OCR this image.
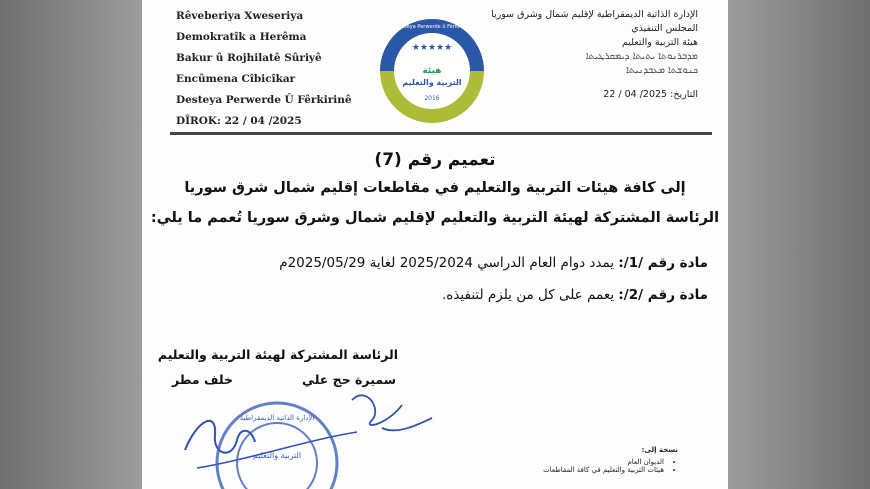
Rêveberiya Xweseriya Demokratîk a Herêma
Bakur û Rojhilatê Sûriyê
Encûmena Cîbicîkar
Desteya Perwerde Û Fêrkirinê
DÎROK: 22 / 04 /2025
★★★★★
هيئة
التربية والتعليم
2016
Desteya Perwerde û Fêrkirinê
الإدارة الذاتية الديمقراطية لإقليم شمال وشرق سوريا
المجلس التنفيذي
هيئة التربية والتعليم
ܡܕܒܪܢܘܬܐ ܝܬܝܬܐ ܕܝܡܩܪܛܝܬܐ
ܟܢܘܫܬܐ ܡܥܒܕܢܝܬܐ
التاريخ: 2025/ 04 / 22
تعميم رقم (7)
إلى كافة هيئات التربية والتعليم في مقاطعات إقليم شمال شرق سوريا
الرئاسة المشتركة لهيئة التربية والتعليم لإقليم شمال وشرق سوريا تُعمم ما يلي:
مادة رقم /1/: يمدد دوام العام الدراسي 2025/2024 لغاية 2025/05/29م
مادة رقم /2/: يعمم على كل من يلزم لتنفيذه.
الرئاسة المشتركة لهيئة التربية والتعليم
سميرة حج علي
خلف مطر
الإدارة الذاتية الديمقراطية
التربية والتعليم
نسخة إلى:
• الديوان العام
• هيئات التربية والتعليم في كافة المقاطعات
